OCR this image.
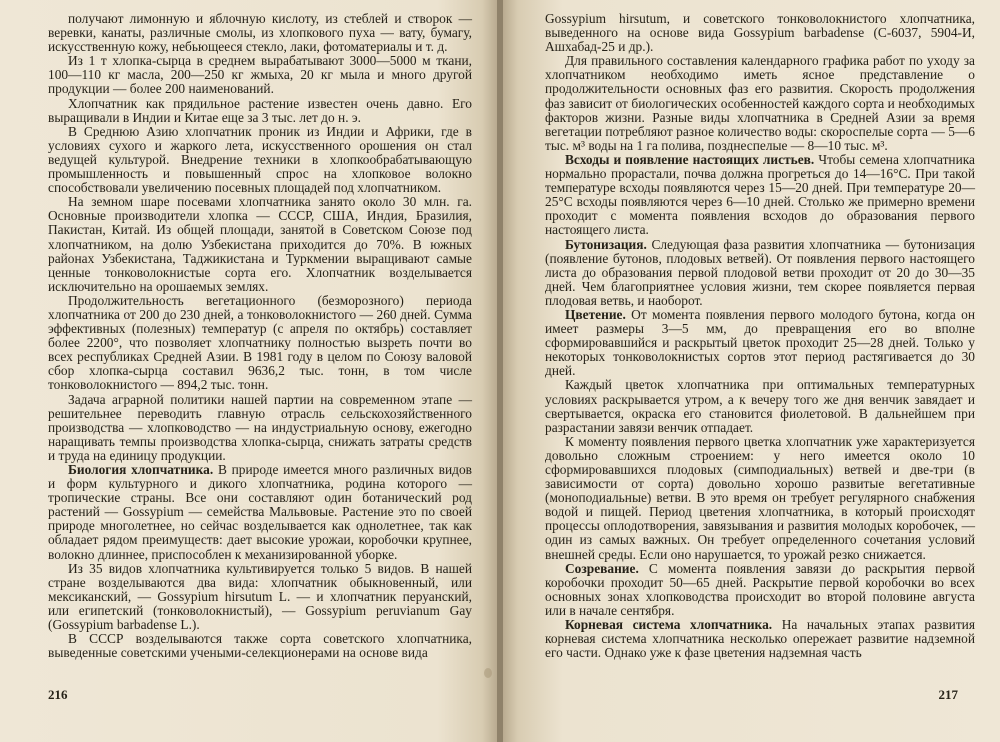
получают лимонную и яблочную кислоту, из стеблей и створок — веревки, канаты, различные смолы, из хлопкового пуха — вату, бумагу, искусственную кожу, небьющееся стекло, лаки, фотоматериалы и т. д.

Из 1 т хлопка-сырца в среднем вырабатывают 3000—5000 м ткани, 100—110 кг масла, 200—250 кг жмыха, 20 кг мыла и много другой продукции — более 200 наименований.

Хлопчатник как прядильное растение известен очень давно. Его выращивали в Индии и Китае еще за 3 тыс. лет до н. э.

В Среднюю Азию хлопчатник проник из Индии и Африки, где в условиях сухого и жаркого лета, искусственного орошения он стал ведущей культурой. Внедрение техники в хлопкообрабатывающую промышленность и повышенный спрос на хлопковое волокно способствовали увеличению посевных площадей под хлопчатником.

На земном шаре посевами хлопчатника занято около 30 млн. га. Основные производители хлопка — СССР, США, Индия, Бразилия, Пакистан, Китай. Из общей площади, занятой в Советском Союзе под хлопчатником, на долю Узбекистана приходится до 70%. В южных районах Узбекистана, Таджикистана и Туркмении выращивают самые ценные тонковолокнистые сорта его. Хлопчатник возделывается исключительно на орошаемых землях.

Продолжительность вегетационного (безморозного) периода хлопчатника от 200 до 230 дней, а тонковолокнистого — 260 дней. Сумма эффективных (полезных) температур (с апреля по октябрь) составляет более 2200°, что позволяет хлопчатнику полностью вызреть почти во всех республиках Средней Азии. В 1981 году в целом по Союзу валовой сбор хлопка-сырца составил 9636,2 тыс. тонн, в том числе тонковолокнистого — 894,2 тыс. тонн.

Задача аграрной политики нашей партии на современном этапе — решительнее переводить главную отрасль сельскохозяйственного производства — хлопководство — на индустриальную основу, ежегодно наращивать темпы производства хлопка-сырца, снижать затраты средств и труда на единицу продукции.

Биология хлопчатника. В природе имеется много различных видов и форм культурного и дикого хлопчатника, родина которого — тропические страны. Все они составляют один ботанический род растений — Gossypium — семейства Мальвовые. Растение это по своей природе многолетнее, но сейчас возделывается как однолетнее, так как обладает рядом преимуществ: дает высокие урожаи, коробочки крупнее, волокно длиннее, приспособлен к механизированной уборке.

Из 35 видов хлопчатника культивируется только 5 видов. В нашей стране возделываются два вида: хлопчатник обыкновенный, или мексиканский, — Gossypium hirsutum L. — и хлопчатник перуанский, или египетский (тонковолокнистый), — Gossypium peruvianum Gay (Gossypium barbadense L.).

В СССР возделываются также сорта советского хлопчатника, выведенные советскими учеными-селекционерами на основе вида

216

Gossypium hirsutum, и советского тонковолокнистого хлопчатника, выведенного на основе вида Gossypium barbadense (С-6037, 5904-И, Ашхабад-25 и др.).

Для правильного составления календарного графика работ по уходу за хлопчатником необходимо иметь ясное представление о продолжительности основных фаз его развития. Скорость продолжения фаз зависит от биологических особенностей каждого сорта и необходимых факторов жизни. Разные виды хлопчатника в Средней Азии за время вегетации потребляют разное количество воды: скороспелые сорта — 5—6 тыс. м³ воды на 1 га полива, позднеспелые — 8—10 тыс. м³.

Всходы и появление настоящих листьев. Чтобы семена хлопчатника нормально прорастали, почва должна прогреться до 14—16°С. При такой температуре всходы появляются через 15—20 дней. При температуре 20—25°С всходы появляются через 6—10 дней. Столько же примерно времени проходит с момента появления всходов до образования первого настоящего листа.

Бутонизация. Следующая фаза развития хлопчатника — бутонизация (появление бутонов, плодовых ветвей). От появления первого настоящего листа до образования первой плодовой ветви проходит от 20 до 30—35 дней. Чем благоприятнее условия жизни, тем скорее появляется первая плодовая ветвь, и наоборот.

Цветение. От момента появления первого молодого бутона, когда он имеет размеры 3—5 мм, до превращения его во вполне сформировавшийся и раскрытый цветок проходит 25—28 дней. Только у некоторых тонковолокнистых сортов этот период растягивается до 30 дней.

Каждый цветок хлопчатника при оптимальных температурных условиях раскрывается утром, а к вечеру того же дня венчик завядает и свертывается, окраска его становится фиолетовой. В дальнейшем при разрастании завязи венчик отпадает.

К моменту появления первого цветка хлопчатник уже характеризуется довольно сложным строением: у него имеется около 10 сформировавшихся плодовых (симподиальных) ветвей и две-три (в зависимости от сорта) довольно хорошо развитые вегетативные (моноподиальные) ветви. В это время он требует регулярного снабжения водой и пищей. Период цветения хлопчатника, в который происходят процессы оплодотворения, завязывания и развития молодых коробочек, — один из самых важных. Он требует определенного сочетания условий внешней среды. Если оно нарушается, то урожай резко снижается.

Созревание. С момента появления завязи до раскрытия первой коробочки проходит 50—65 дней. Раскрытие первой коробочки во всех основных зонах хлопководства происходит во второй половине августа или в начале сентября.

Корневая система хлопчатника. На начальных этапах развития корневая система хлопчатника несколько опережает развитие надземной его части. Однако уже к фазе цветения надземная часть

217
